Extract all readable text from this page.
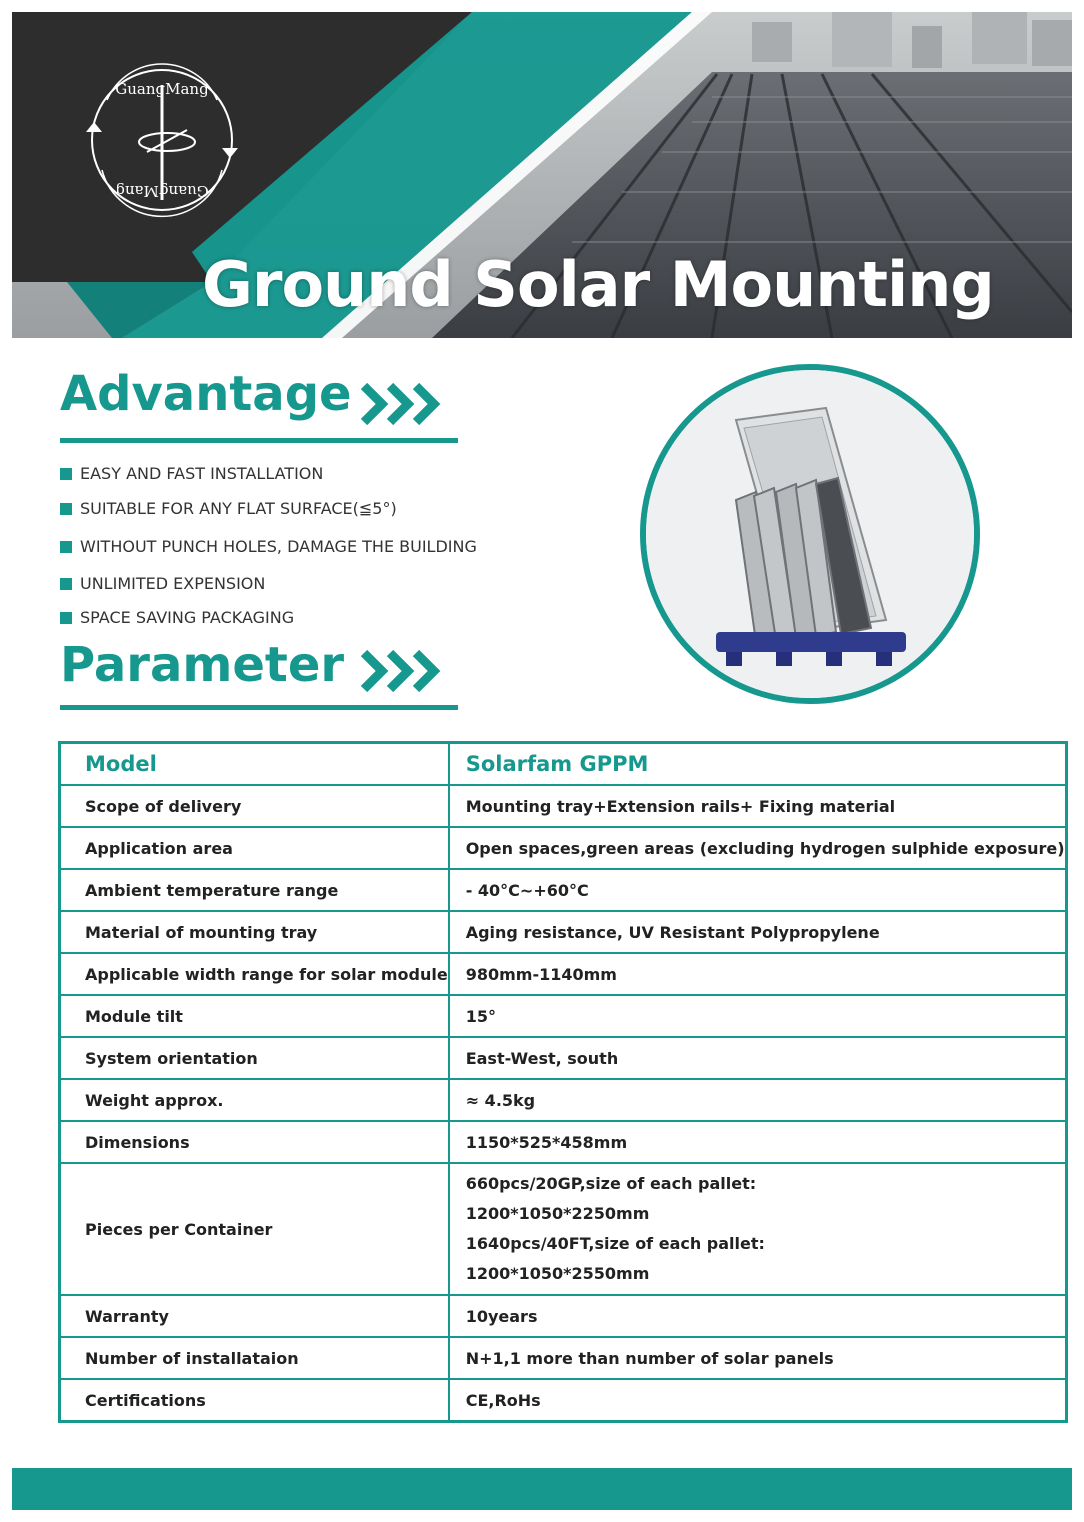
GuangMang
GuangMang
Ground Solar Mounting
Advantage
EASY AND FAST INSTALLATION
SUITABLE FOR ANY FLAT SURFACE(≦5°)
WITHOUT PUNCH HOLES, DAMAGE THE BUILDING
UNLIMITED EXPENSION
SPACE SAVING PACKAGING
Parameter
Model	Solarfam GPPM
Scope of delivery	Mounting tray+Extension rails+ Fixing material
Application area	Open spaces,green areas (excluding hydrogen sulphide exposure)
Ambient temperature range	- 40°C~+60°C
Material of mounting tray	Aging resistance, UV Resistant Polypropylene
Applicable width range for solar module	980mm-1140mm
Module tilt	15°
System orientation	East-West, south
Weight approx.	≈ 4.5kg
Dimensions	1150*525*458mm
Pieces per Container	660pcs/20GP,size of each pallet:
1200*1050*2250mm
1640pcs/40FT,size of each pallet:
1200*1050*2550mm

Warranty	10years
Number of installataion	N+1,1 more than number of solar panels
Certifications	CE,RoHs
